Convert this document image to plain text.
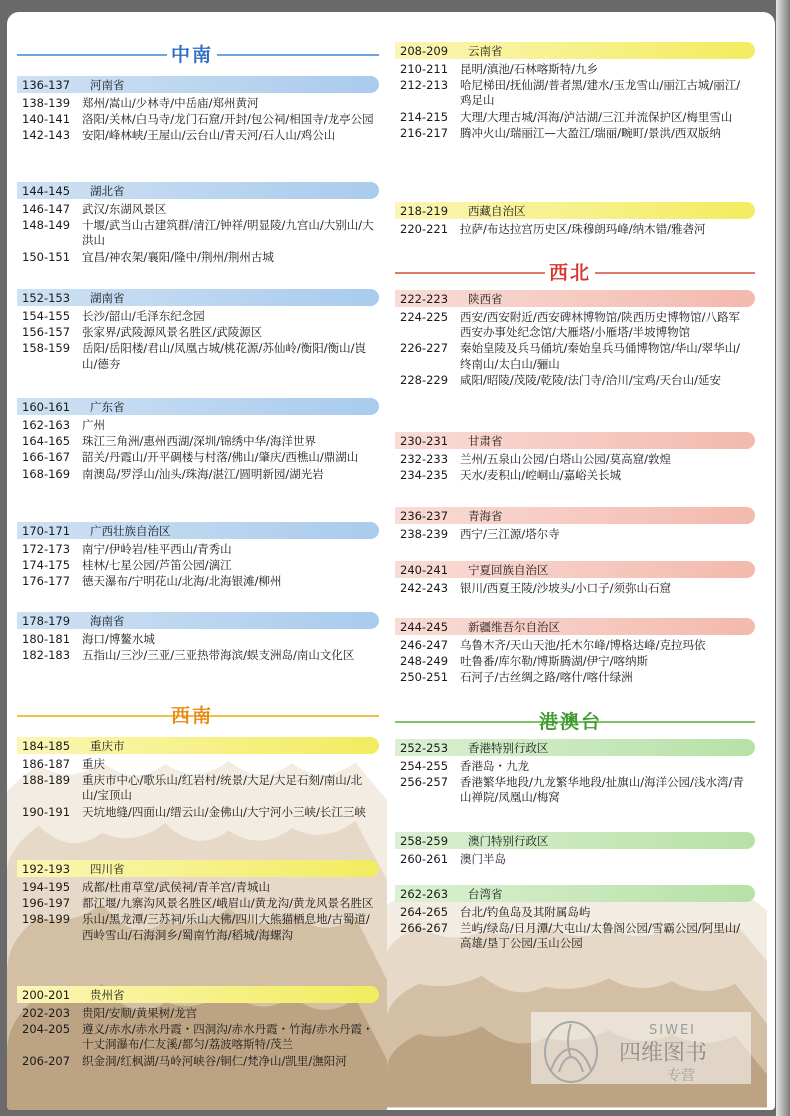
136-137	河南省
138-139	郑州/嵩山/少林寺/中岳庙/郑州黄河
140-141	洛阳/关林/白马寺/龙门石窟/开封/包公祠/相国寺/龙亭公园
142-143	安阳/峰林峡/王屋山/云台山/青天河/石人山/鸡公山
144-145	湖北省
146-147	武汉/东湖风景区
148-149	十堰/武当山古建筑群/清江/钟祥/明显陵/九宫山/大别山/大洪山
150-151	宜昌/神农架/襄阳/隆中/荆州/荆州古城
152-153	湖南省
154-155	长沙/韶山/毛泽东纪念园
156-157	张家界/武陵源风景名胜区/武陵源区
158-159	岳阳/岳阳楼/君山/凤凰古城/桃花源/苏仙岭/衡阳/衡山/崀山/德夯
160-161	广东省
162-163	广州
164-165	珠江三角洲/惠州西湖/深圳/锦绣中华/海洋世界
166-167	韶关/丹霞山/开平碉楼与村落/佛山/肇庆/西樵山/鼎湖山
168-169	南澳岛/罗浮山/汕头/珠海/湛江/圆明新园/湖光岩
170-171	广西壮族自治区
172-173	南宁/伊岭岩/桂平西山/青秀山
174-175	桂林/七星公园/芦笛公园/漓江
176-177	德天瀑布/宁明花山/北海/北海银滩/柳州
178-179	海南省
180-181	海口/博鳌水城
182-183	五指山/三沙/三亚/三亚热带海滨/蜈支洲岛/南山文化区
184-185	重庆市
186-187	重庆
188-189	重庆市中心/歌乐山/红岩村/统景/大足/大足石刻/南山/北山/宝顶山
190-191	天坑地缝/四面山/缙云山/金佛山/大宁河小三峡/长江三峡
192-193	四川省
194-195	成都/杜甫草堂/武侯祠/青羊宫/青城山
196-197	都江堰/九寨沟风景名胜区/峨眉山/黄龙沟/黄龙风景名胜区
198-199	乐山/黑龙潭/三苏祠/乐山大佛/四川大熊猫栖息地/古蜀道/西岭雪山/石海洞乡/蜀南竹海/稻城/海螺沟
200-201	贵州省
202-203	贵阳/安顺/黄果树/龙宫
204-205	遵义/赤水/赤水丹霞・四洞沟/赤水丹霞・竹海/赤水丹霞・十丈洞瀑布/仁友溪/都匀/荔波喀斯特/茂兰
206-207	织金洞/红枫湖/马岭河峡谷/铜仁/梵净山/凯里/潕阳河
208-209	云南省
210-211	昆明/滇池/石林喀斯特/九乡
212-213	哈尼梯田/抚仙湖/普者黑/建水/玉龙雪山/丽江古城/丽江/鸡足山
214-215	大理/大理古城/洱海/泸沽湖/三江并流保护区/梅里雪山
216-217	腾冲火山/瑞丽江—大盈江/瑞丽/畹町/景洪/西双版纳
218-219	西藏自治区
220-221	拉萨/布达拉宫历史区/珠穆朗玛峰/纳木错/雅砻河
222-223	陕西省
224-225	西安/西安附近/西安碑林博物馆/陕西历史博物馆/八路军西安办事处纪念馆/大雁塔/小雁塔/半坡博物馆
226-227	秦始皇陵及兵马俑坑/秦始皇兵马俑博物馆/华山/翠华山/终南山/太白山/骊山
228-229	咸阳/昭陵/茂陵/乾陵/法门寺/洽川/宝鸡/天台山/延安
230-231	甘肃省
232-233	兰州/五泉山公园/白塔山公园/莫高窟/敦煌
234-235	天水/麦积山/崆峒山/嘉峪关长城
236-237	青海省
238-239	西宁/三江源/塔尔寺
240-241	宁夏回族自治区
242-243	银川/西夏王陵/沙坡头/小口子/须弥山石窟
244-245	新疆维吾尔自治区
246-247	乌鲁木齐/天山天池/托木尔峰/博格达峰/克拉玛依
248-249	吐鲁番/库尔勒/博斯腾湖/伊宁/喀纳斯
250-251	石河子/古丝绸之路/喀什/喀什绿洲
252-253	香港特别行政区
254-255	香港岛・九龙
256-257	香港繁华地段/九龙繁华地段/扯旗山/海洋公园/浅水湾/青山禅院/凤凰山/梅窝
258-259	澳门特别行政区
260-261	澳门半岛
262-263	台湾省
264-265	台北/钓鱼岛及其附属岛屿
266-267	兰屿/绿岛/日月潭/大屯山/太鲁阁公园/雪霸公园/阿里山/高雄/垦丁公园/玉山公园
中南
西南
西北
港澳台
SIWEI
四维图书
专营
